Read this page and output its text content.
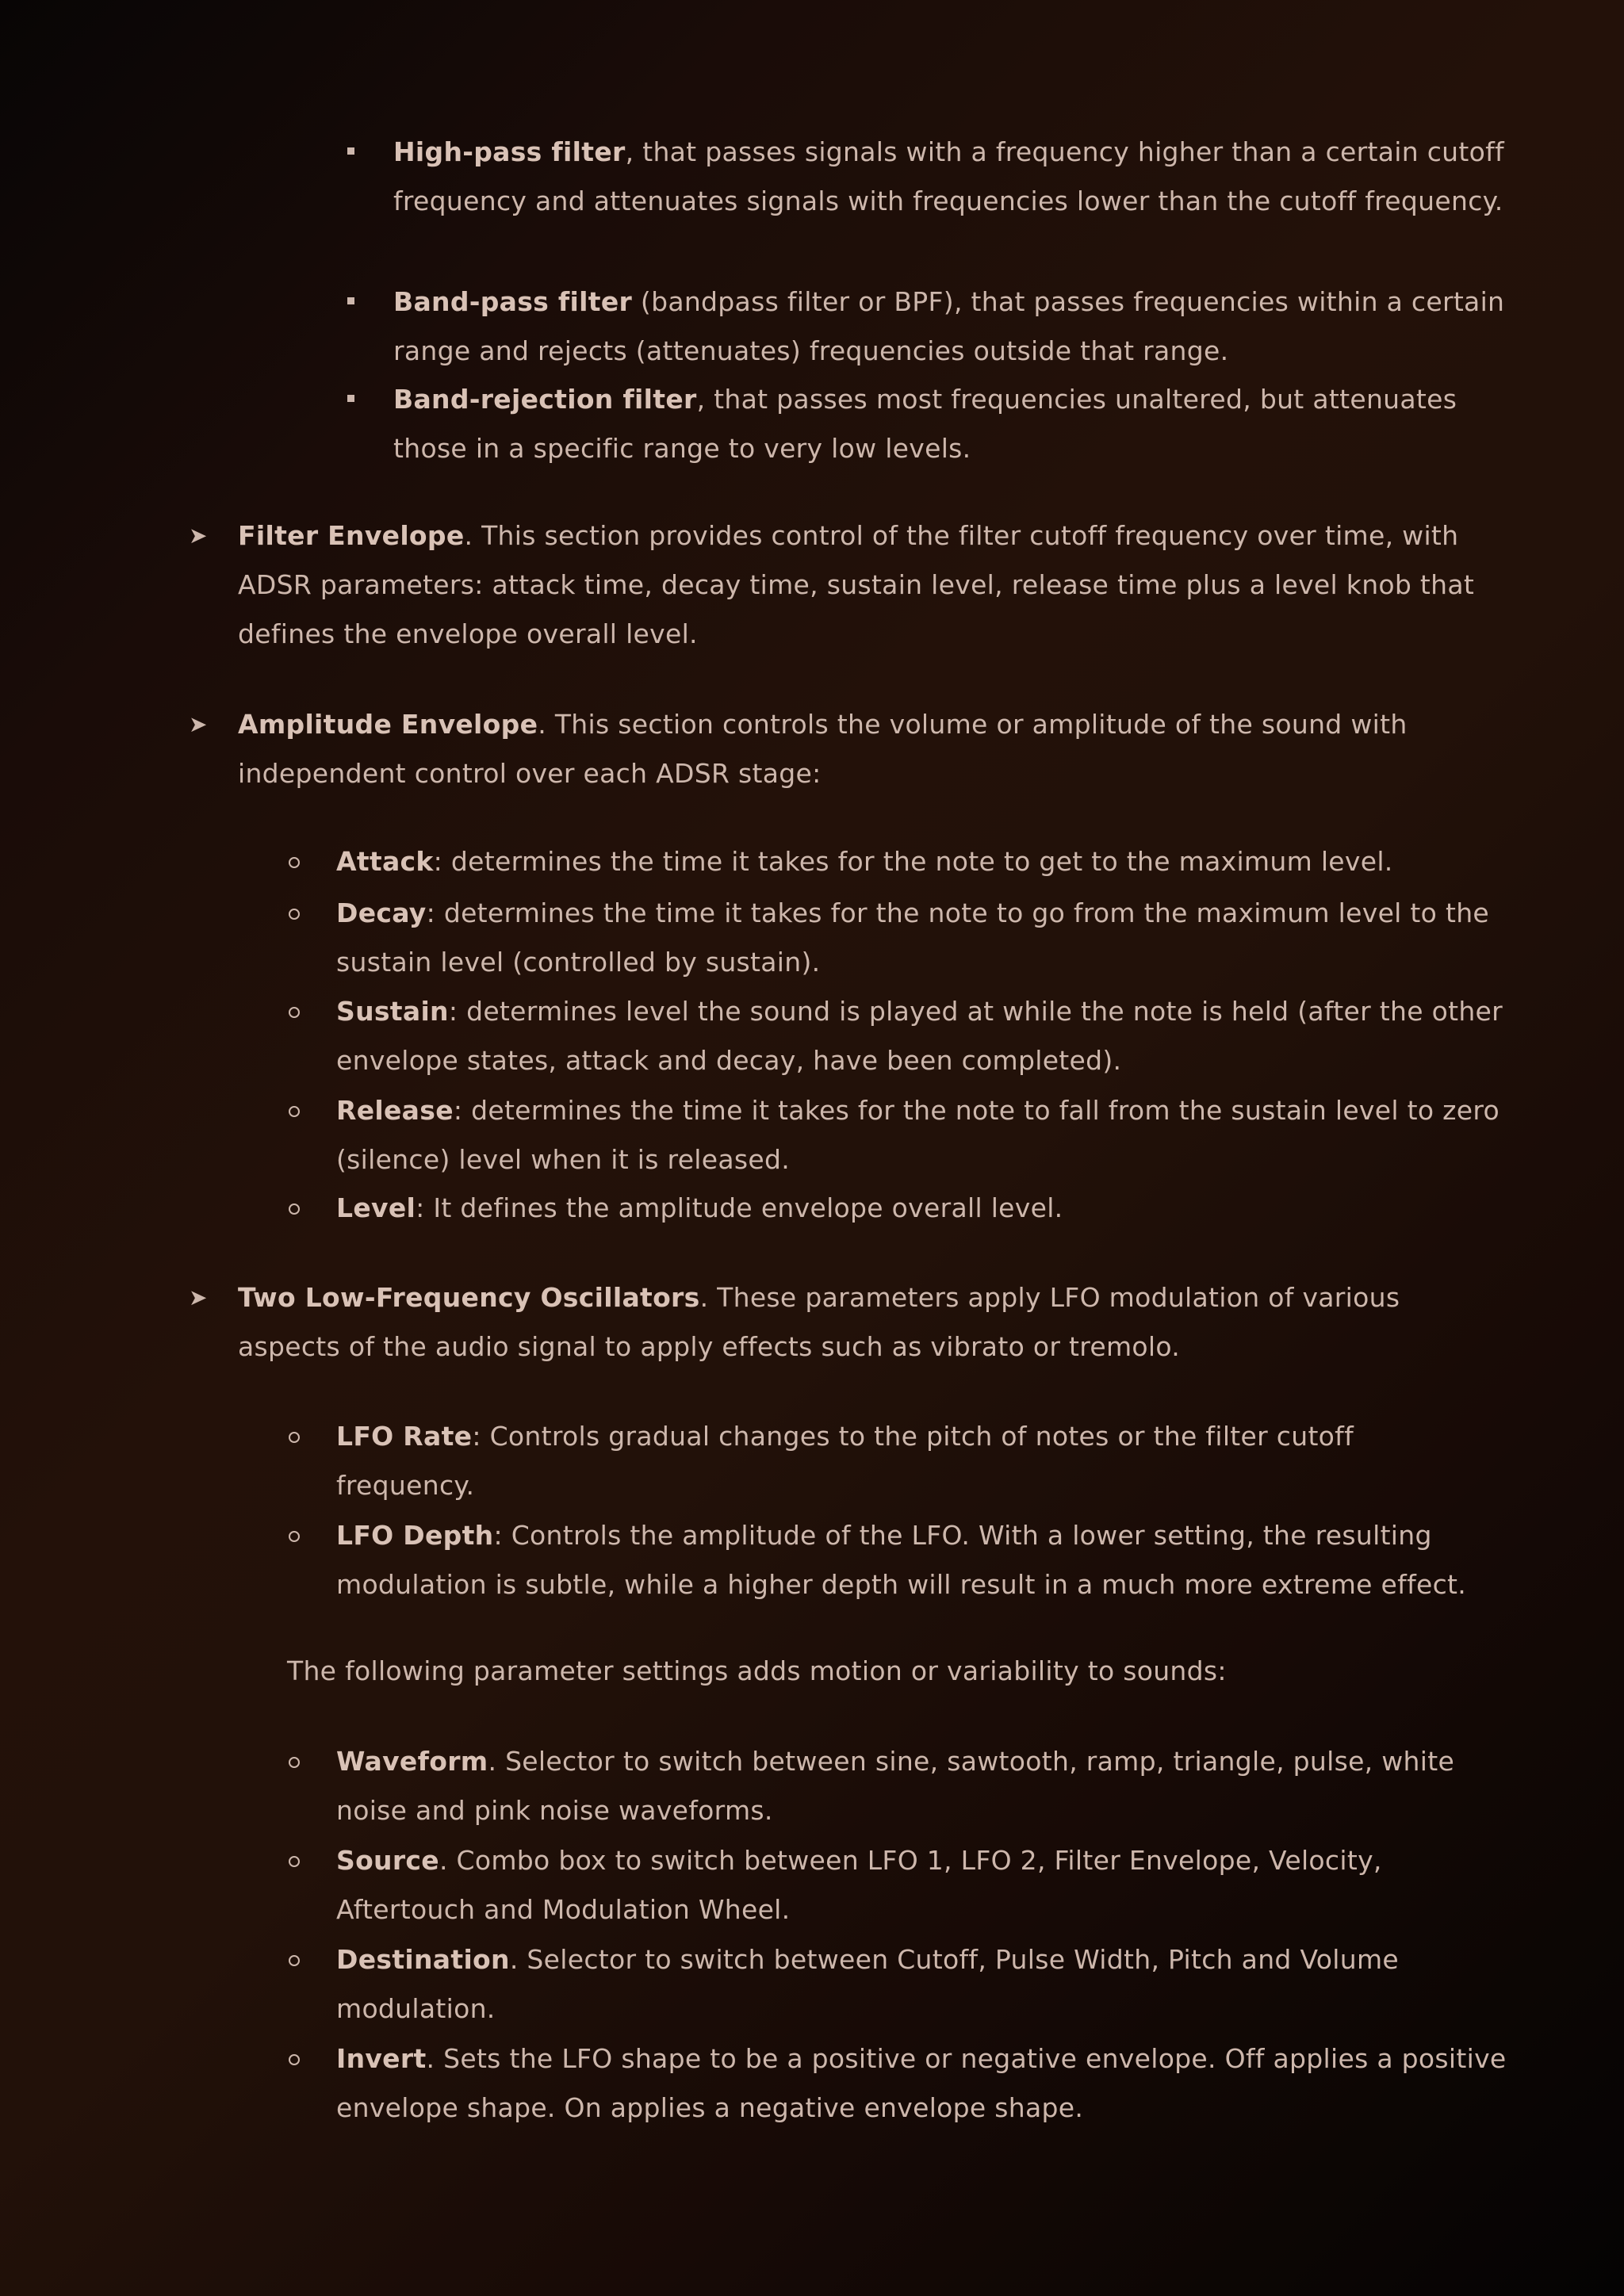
High-pass filter, that passes signals with a frequency higher than a certain cutoff frequency and attenuates signals with frequencies lower than the cutoff frequency.
Band-pass filter (bandpass filter or BPF), that passes frequencies within a certain range and rejects (attenuates) frequencies outside that range.
Band-rejection filter, that passes most frequencies unaltered, but attenuates those in a specific range to very low levels.
➤ Filter Envelope. This section provides control of the filter cutoff frequency over time, with ADSR parameters: attack time, decay time, sustain level, release time plus a level knob that defines the envelope overall level.
➤ Amplitude Envelope. This section controls the volume or amplitude of the sound with independent control over each ADSR stage:
Attack: determines the time it takes for the note to get to the maximum level.
Decay: determines the time it takes for the note to go from the maximum level to the sustain level (controlled by sustain).
Sustain: determines level the sound is played at while the note is held (after the other envelope states, attack and decay, have been completed).
Release: determines the time it takes for the note to fall from the sustain level to zero (silence) level when it is released.
Level: It defines the amplitude envelope overall level.
➤ Two Low-Frequency Oscillators. These parameters apply LFO modulation of various aspects of the audio signal to apply effects such as vibrato or tremolo.
LFO Rate: Controls gradual changes to the pitch of notes or the filter cutoff frequency.
LFO Depth: Controls the amplitude of the LFO. With a lower setting, the resulting modulation is subtle, while a higher depth will result in a much more extreme effect.
The following parameter settings adds motion or variability to sounds:
Waveform. Selector to switch between sine, sawtooth, ramp, triangle, pulse, white noise and pink noise waveforms.
Source. Combo box to switch between LFO 1, LFO 2, Filter Envelope, Velocity, Aftertouch and Modulation Wheel.
Destination. Selector to switch between Cutoff, Pulse Width, Pitch and Volume modulation.
Invert. Sets the LFO shape to be a positive or negative envelope. Off applies a positive envelope shape. On applies a negative envelope shape.
